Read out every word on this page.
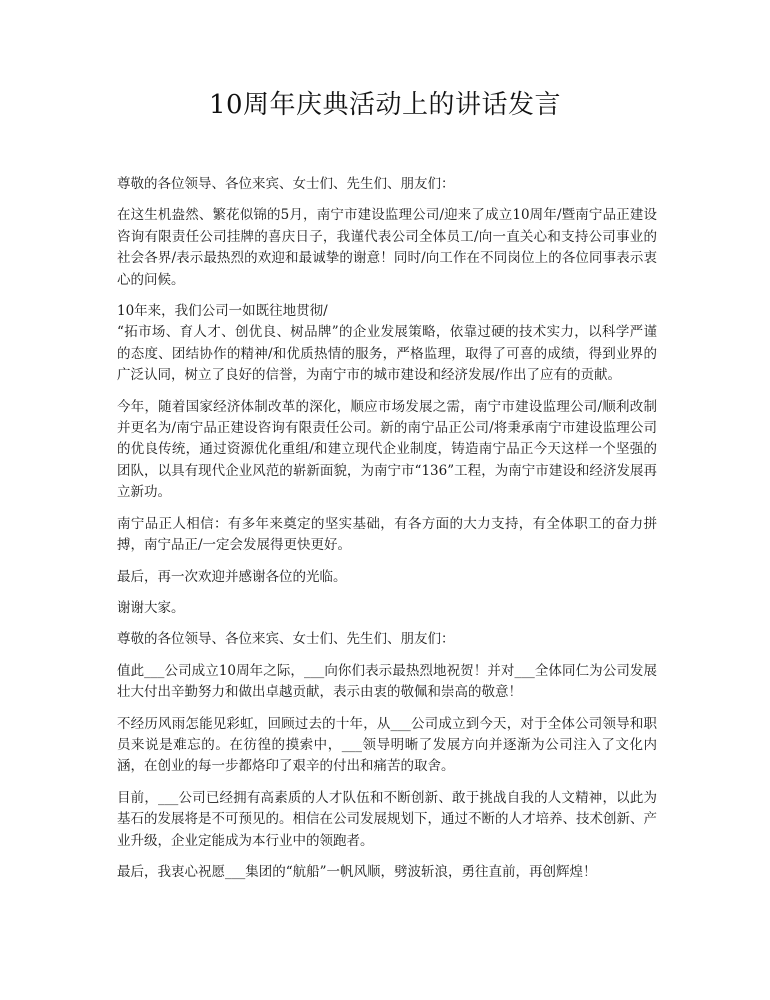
10周年庆典活动上的讲话发言

尊敬的各位领导、各位来宾、女士们、先生们、朋友们：

在这生机盎然、繁花似锦的5月，南宁市建设监理公司/迎来了成立10周年/暨南宁品正建设咨询有限责任公司挂牌的喜庆日子，我谨代表公司全体员工/向一直关心和支持公司事业的社会各界/表示最热烈的欢迎和最诚挚的谢意！同时/向工作在不同岗位上的各位同事表示衷心的问候。

10年来，我们公司一如既往地贯彻/
“拓市场、育人才、创优良、树品牌”的企业发展策略，依靠过硬的技术实力，以科学严谨的态度、团结协作的精神/和优质热情的服务，严格监理，取得了可喜的成绩，得到业界的广泛认同，树立了良好的信誉，为南宁市的城市建设和经济发展/作出了应有的贡献。

今年，随着国家经济体制改革的深化，顺应市场发展之需，南宁市建设监理公司/顺利改制并更名为/南宁品正建设咨询有限责任公司。新的南宁品正公司/将秉承南宁市建设监理公司的优良传统，通过资源优化重组/和建立现代企业制度，铸造南宁品正今天这样一个坚强的团队，以具有现代企业风范的崭新面貌，为南宁市“136”工程，为南宁市建设和经济发展再立新功。

南宁品正人相信：有多年来奠定的坚实基础，有各方面的大力支持，有全体职工的奋力拼搏，南宁品正/一定会发展得更快更好。

最后，再一次欢迎并感谢各位的光临。

谢谢大家。

尊敬的各位领导、各位来宾、女士们、先生们、朋友们：

值此___公司成立10周年之际，___向你们表示最热烈地祝贺！并对___全体同仁为公司发展壮大付出辛勤努力和做出卓越贡献，表示由衷的敬佩和崇高的敬意！

不经历风雨怎能见彩虹，回顾过去的十年，从___公司成立到今天，对于全体公司领导和职员来说是难忘的。在彷徨的摸索中，___领导明晰了发展方向并逐渐为公司注入了文化内涵，在创业的每一步都烙印了艰辛的付出和痛苦的取舍。

目前，___公司已经拥有高素质的人才队伍和不断创新、敢于挑战自我的人文精神，以此为基石的发展将是不可预见的。相信在公司发展规划下，通过不断的人才培养、技术创新、产业升级，企业定能成为本行业中的领跑者。

最后，我衷心祝愿___集团的“航船”一帆风顺，劈波斩浪，勇往直前，再创辉煌！
